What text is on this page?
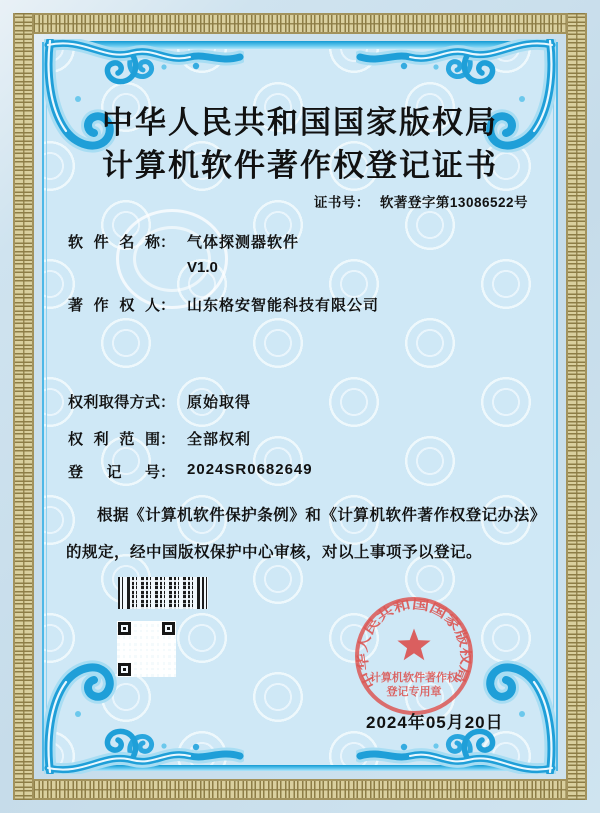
中华人民共和国国家版权局
计算机软件著作权登记证书
证书号： 软著登字第13086522号
软件名称 ： 气体探测器软件
V1.0
著作权人 ： 山东格安智能科技有限公司
权利取得方式 ： 原始取得
权利范围 ： 全部权利
登记号 ： 2024SR0682649

根据《计算机软件保护条例》和《计算机软件著作权登记办法》的规定，经中国版权保护中心审核，对以上事项予以登记。

中华人民共和国国家版权局
计算机软件著作权
登记专用章
2024年05月20日
